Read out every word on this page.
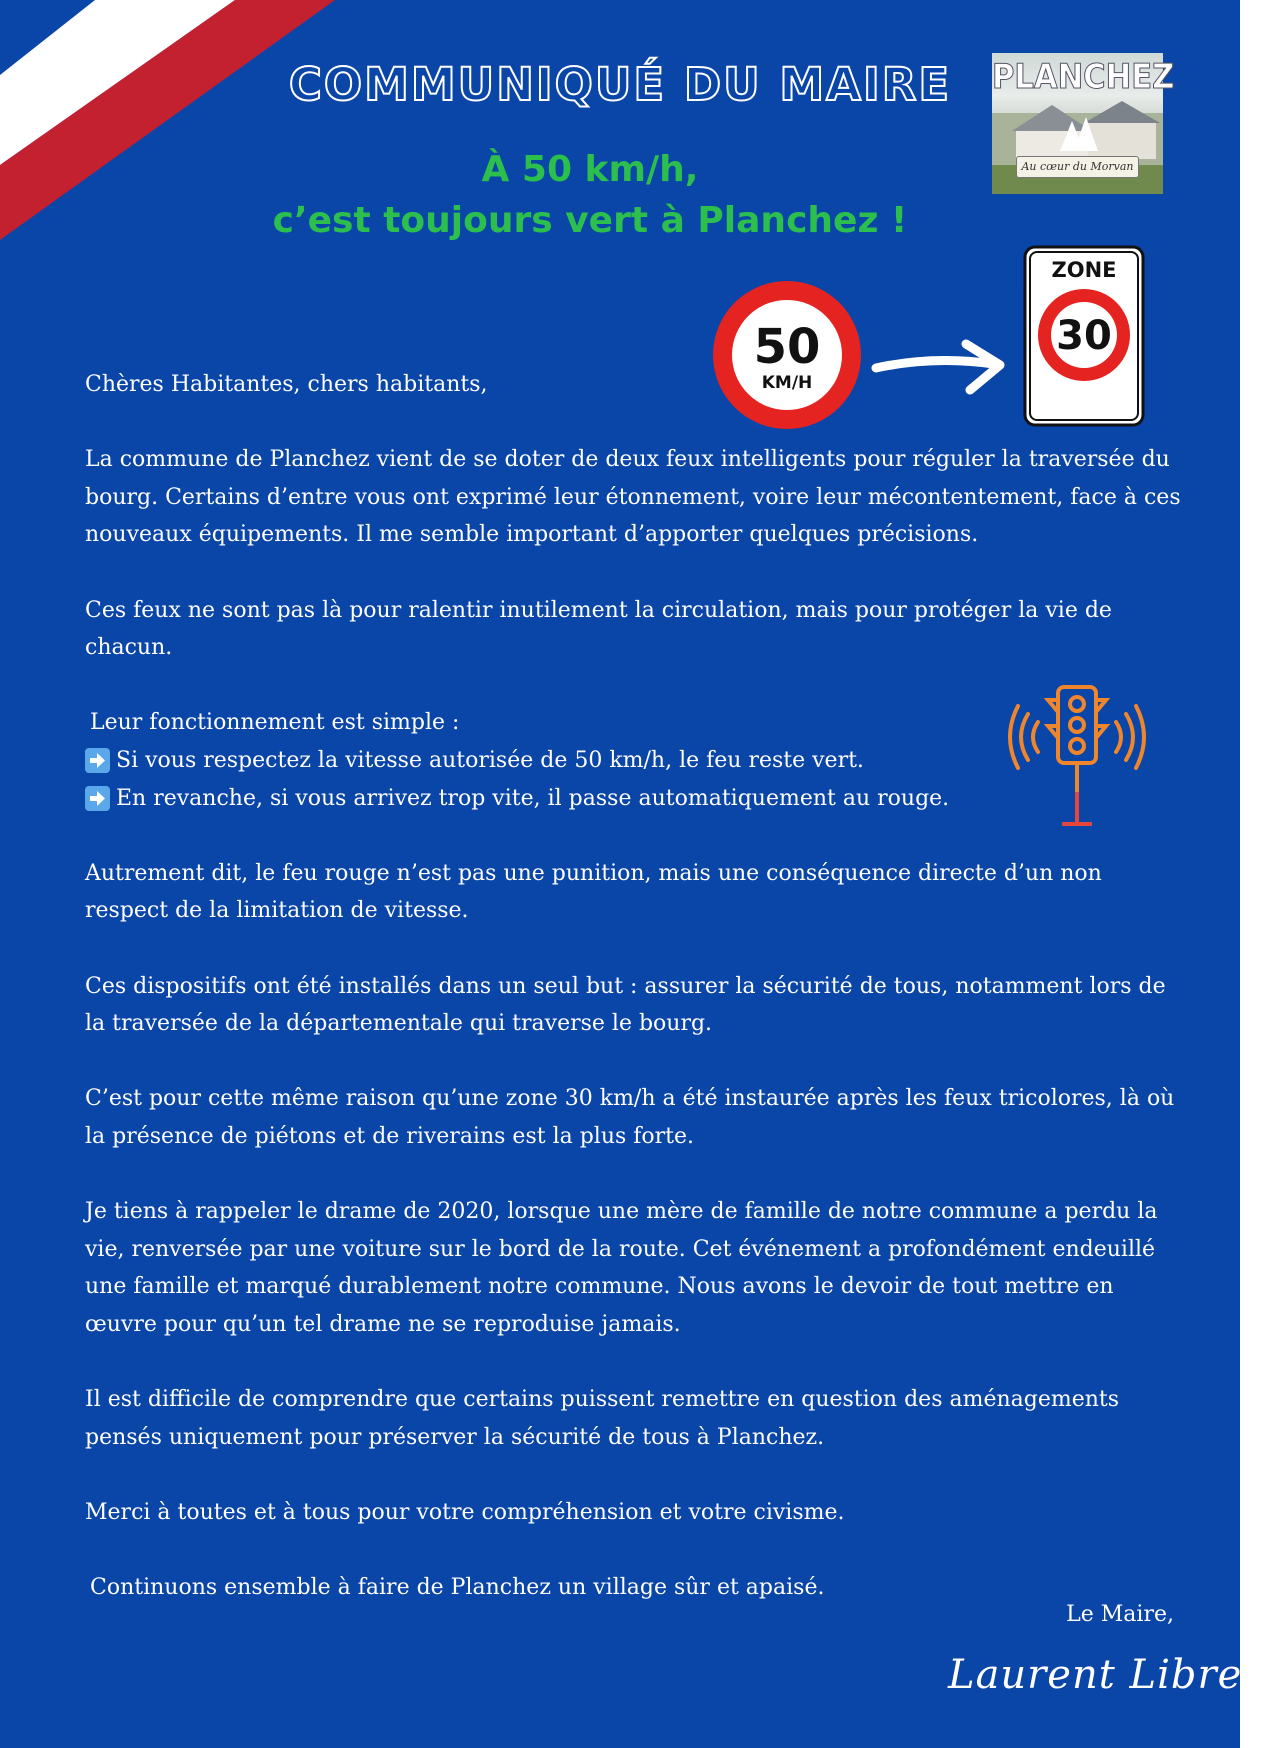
COMMUNIQUÉ DU MAIRE
À 50 km/h,
c’est toujours vert à Planchez !
PLANCHEZ
Au cœur du Morvan
50
KM/H
ZONE
30

Chères Habitantes, chers habitants,

La commune de Planchez vient de se doter de deux feux intelligents pour réguler la traversée du bourg. Certains d’entre vous ont exprimé leur étonnement, voire leur mécontentement, face à ces nouveaux équipements. Il me semble important d’apporter quelques précisions.

Ces feux ne sont pas là pour ralentir inutilement la circulation, mais pour protéger la vie de chacun.

Leur fonctionnement est simple :
Si vous respectez la vitesse autorisée de 50 km/h, le feu reste vert.
En revanche, si vous arrivez trop vite, il passe automatiquement au rouge.

Autrement dit, le feu rouge n’est pas une punition, mais une conséquence directe d’un non respect de la limitation de vitesse.

Ces dispositifs ont été installés dans un seul but : assurer la sécurité de tous, notamment lors de la traversée de la départementale qui traverse le bourg.

C’est pour cette même raison qu’une zone 30 km/h a été instaurée après les feux tricolores, là où la présence de piétons et de riverains est la plus forte.

Je tiens à rappeler le drame de 2020, lorsque une mère de famille de notre commune a perdu la vie, renversée par une voiture sur le bord de la route. Cet événement a profondément endeuillé une famille et marqué durablement notre commune. Nous avons le devoir de tout mettre en œuvre pour qu’un tel drame ne se reproduise jamais.

Il est difficile de comprendre que certains puissent remettre en question des aménagements pensés uniquement pour préserver la sécurité de tous à Planchez.

Merci à toutes et à tous pour votre compréhension et votre civisme.

Continuons ensemble à faire de Planchez un village sûr et apaisé.

Le Maire,
Laurent Librero
